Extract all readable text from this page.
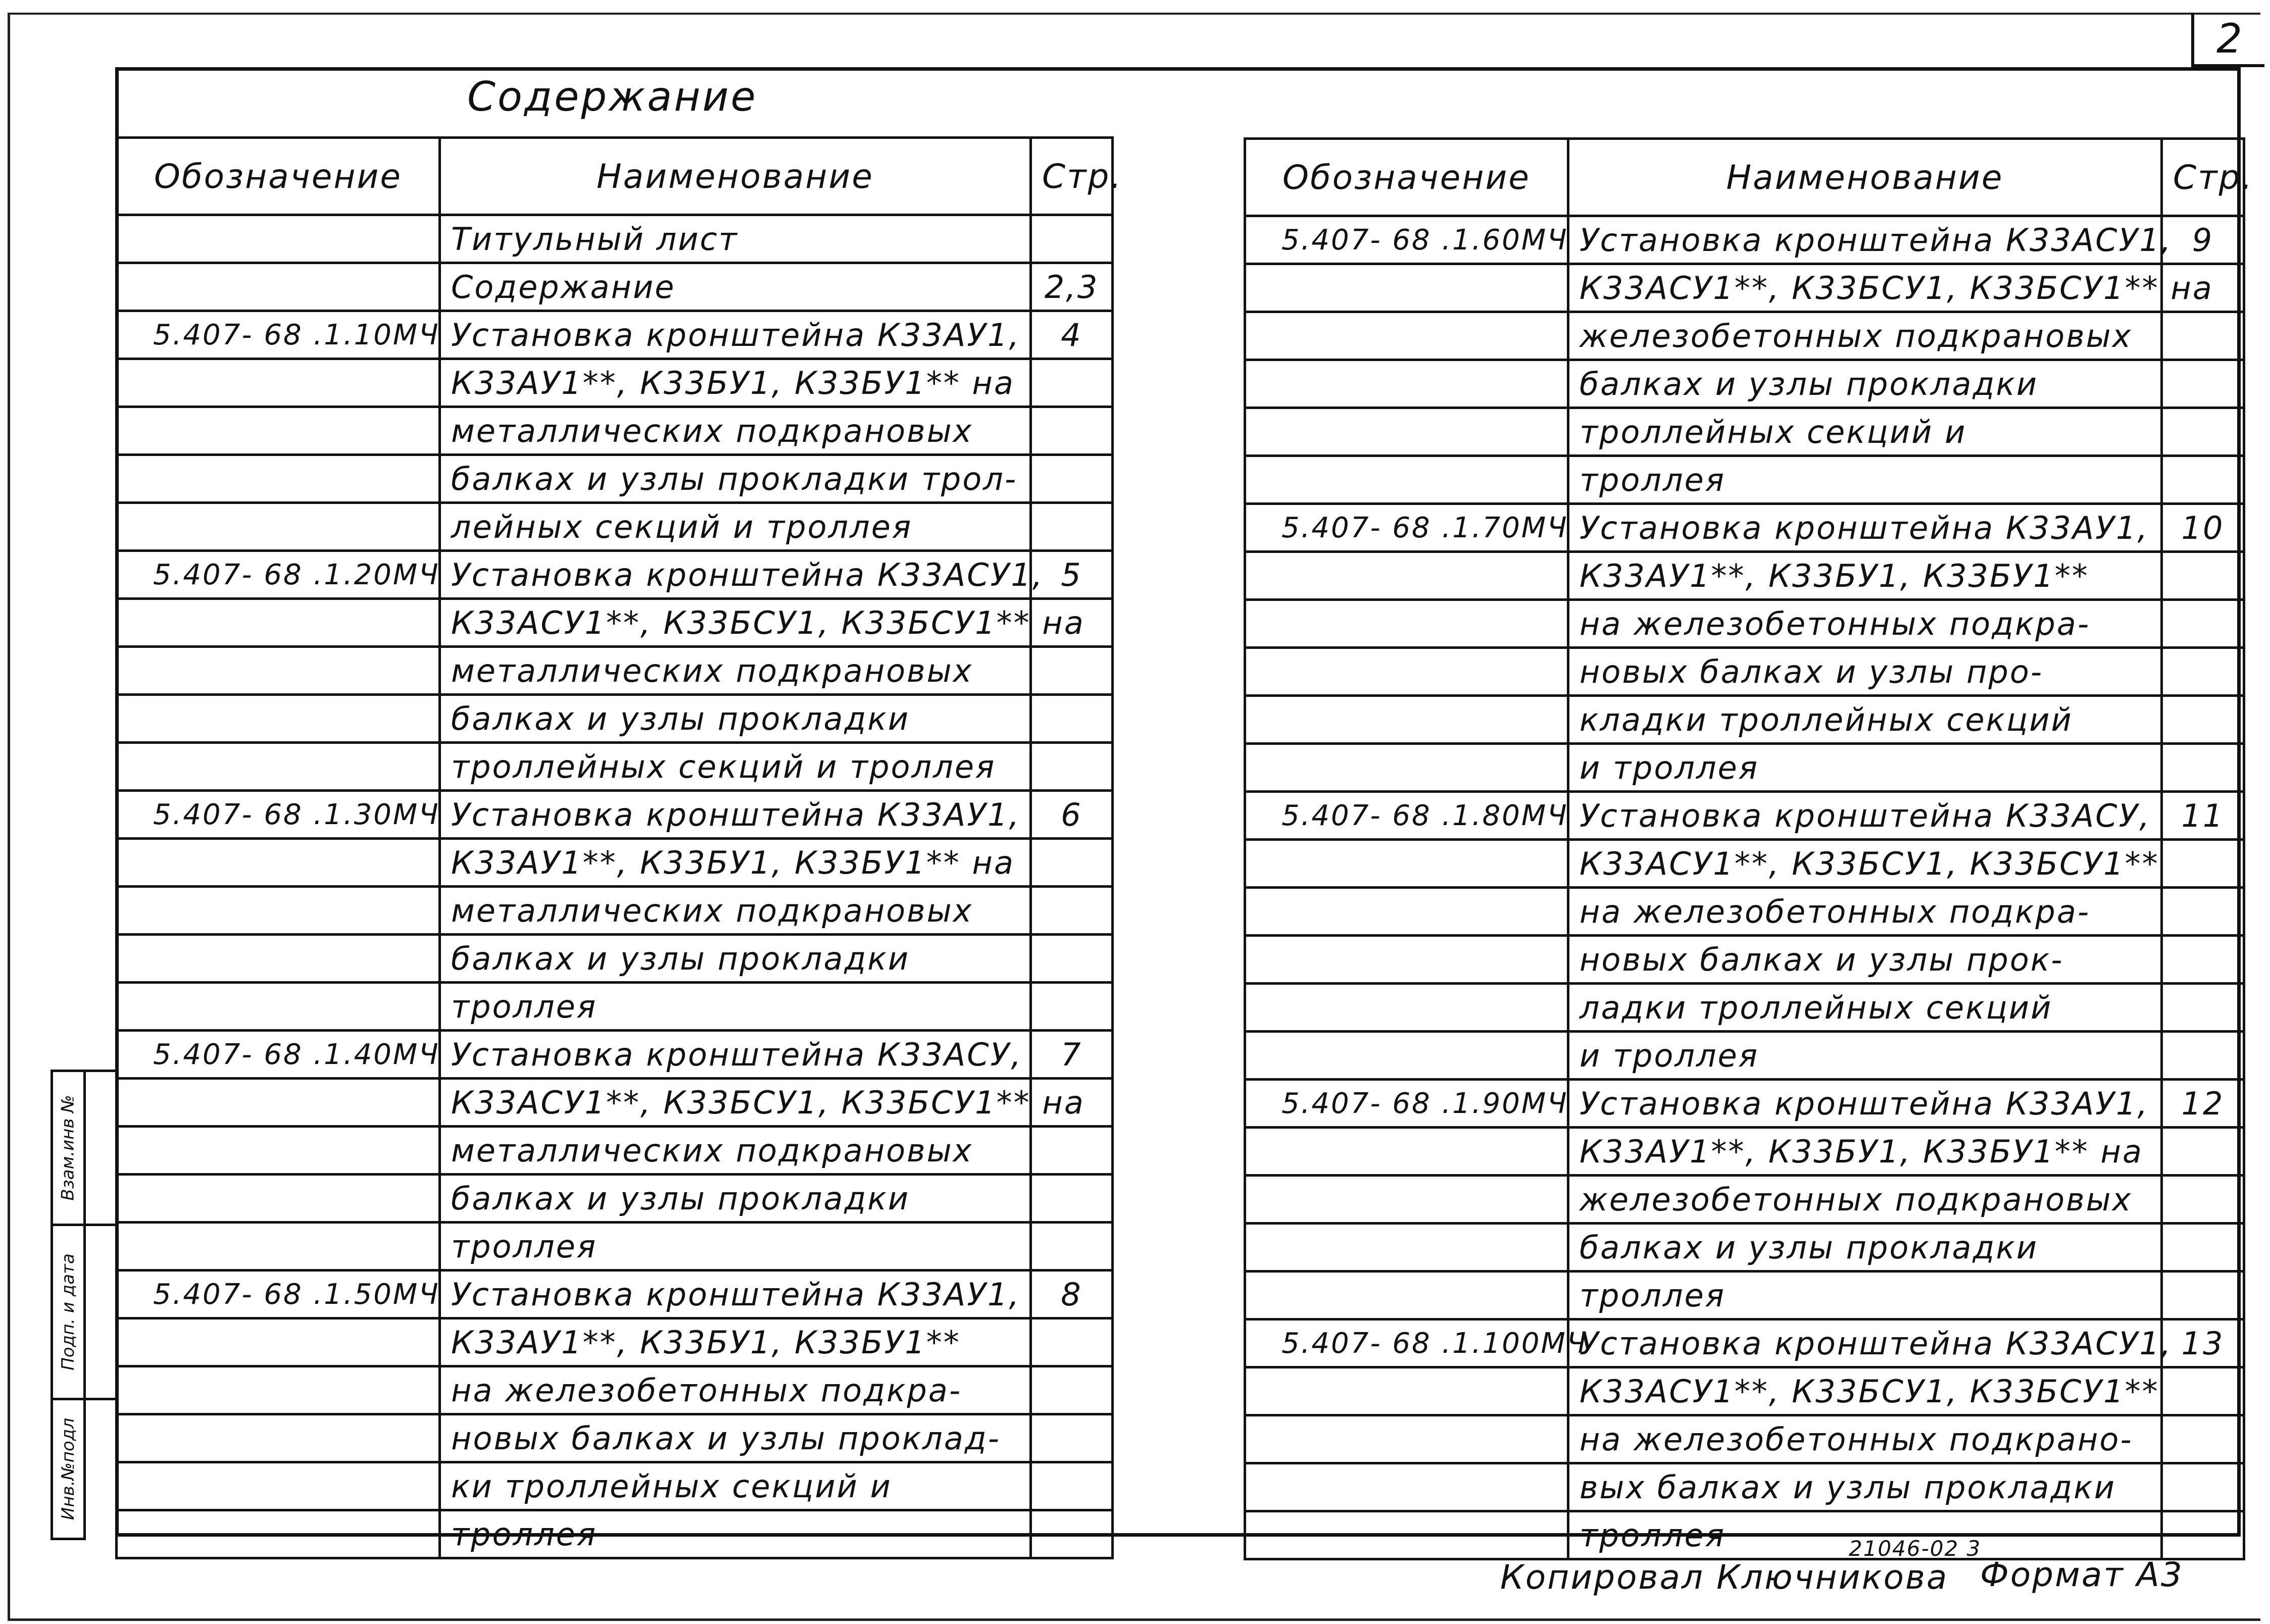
2
Взам.инв №
Подп. и дата
Инв.№подл
Содержание
Обозначение	Наименование	Стр.
	Титульный лист	
	Содержание	2,3
5.407- 68 .1.10МЧ	Установка кронштейна К33АУ1,	4
	К33АУ1**, К33БУ1, К33БУ1** на	
	металлических подкрановых	
	балках и узлы прокладки трол-	
	лейных секций и троллея	
5.407- 68 .1.20МЧ	Установка кронштейна К33АСУ1,	5
	К33АСУ1**, К33БСУ1, К33БСУ1** на	
	металлических подкрановых	
	балках и узлы прокладки	
	троллейных секций и троллея	
5.407- 68 .1.30МЧ	Установка кронштейна К33АУ1,	6
	К33АУ1**, К33БУ1, К33БУ1** на	
	металлических подкрановых	
	балках и узлы прокладки	
	троллея	
5.407- 68 .1.40МЧ	Установка кронштейна К33АСУ,	7
	К33АСУ1**, К33БСУ1, К33БСУ1** на	
	металлических подкрановых	
	балках и узлы прокладки	
	троллея	
5.407- 68 .1.50МЧ	Установка кронштейна К33АУ1,	8
	К33АУ1**, К33БУ1, К33БУ1**	
	на железобетонных подкра-	
	новых балках и узлы проклад-	
	ки троллейных секций и	
	троллея	
Обозначение	Наименование	Стр.
5.407- 68 .1.60МЧ	Установка кронштейна К33АСУ1,	9
	К33АСУ1**, К33БСУ1, К33БСУ1** на	
	железобетонных подкрановых	
	балках и узлы прокладки	
	троллейных секций и	
	троллея	
5.407- 68 .1.70МЧ	Установка кронштейна К33АУ1,	10
	К33АУ1**, К33БУ1, К33БУ1**	
	на железобетонных подкра-	
	новых балках и узлы про-	
	кладки троллейных секций	
	и троллея	
5.407- 68 .1.80МЧ	Установка кронштейна К33АСУ,	11
	К33АСУ1**, К33БСУ1, К33БСУ1**	
	на железобетонных подкра-	
	новых балках и узлы прок-	
	ладки троллейных секций	
	и троллея	
5.407- 68 .1.90МЧ	Установка кронштейна К33АУ1,	12
	К33АУ1**, К33БУ1, К33БУ1** на	
	железобетонных подкрановых	
	балках и узлы прокладки	
	троллея	
5.407- 68 .1.100МЧ	Установка кронштейна К33АСУ1,	13
	К33АСУ1**, К33БСУ1, К33БСУ1**	
	на железобетонных подкрано-	
	вых балках и узлы прокладки	
	троллея		21046-02 3
Копировал Ключникова Формат А3
